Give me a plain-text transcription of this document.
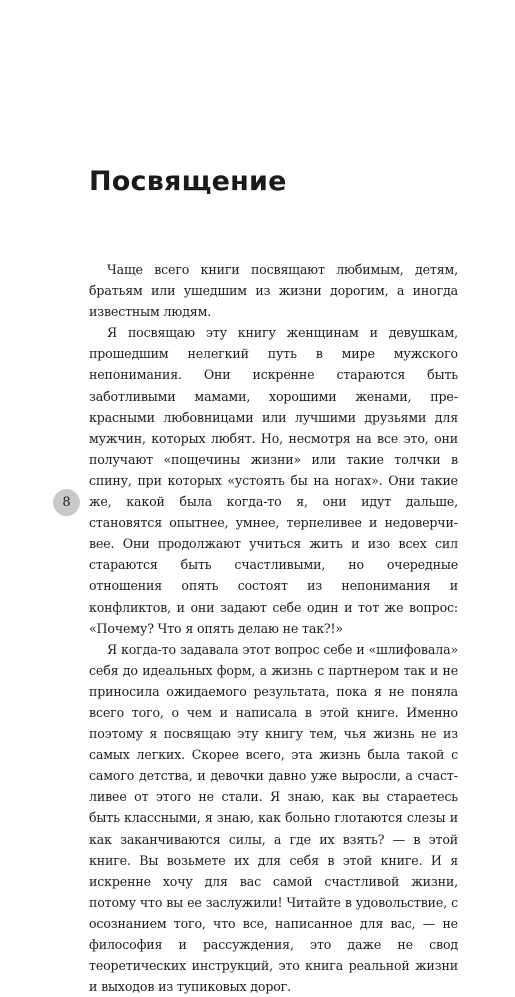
Посвящение

Чаще всего книги посвящают любимым, детям, братьям или ушедшим из жизни дорогим, а иногда известным людям.

Я посвящаю эту книгу женщинам и девушкам, прошедшим нелегкий путь в мире мужского непонимания. Они искренне стараются быть заботливыми мамами, хорошими женами, прекрасными любовницами или лучшими друзьями для мужчин, которых любят. Но, несмотря на все это, они получают «пощечины жизни» или такие толчки в спину, при которых «устоять бы на ногах». Они такие же, какой была когда-то я, они идут дальше, становятся опытнее, умнее, терпеливее и недоверчивее. Они продолжают учиться жить и изо всех сил стараются быть счастливыми, но очередные отношения опять состоят из непонимания и конфликтов, и они задают себе один и тот же вопрос: «Почему? Что я опять делаю не так?!»

Я когда-то задавала этот вопрос себе и «шлифовала» себя до идеальных форм, а жизнь с партнером так и не приносила ожидаемого результата, пока я не поняла всего того, о чем и написала в этой книге. Именно поэтому я посвящаю эту книгу тем, чья жизнь не из самых легких. Скорее всего, эта жизнь была такой с самого детства, и девочки давно уже выросли, а счастливее от этого не стали. Я знаю, как вы стараетесь быть классными, я знаю, как больно глотаются слезы и как заканчиваются силы, а где их взять? — в этой книге. Вы возьмете их для себя в этой книге. И я искренне хочу для вас самой счастливой жизни, потому что вы ее заслужили! Читайте в удовольствие, с осознанием того, что все, написанное для вас, — не философия и рассуждения, это даже не свод теоретических инструкций, это книга реальной жизни и выходов из тупиковых дорог.

8
